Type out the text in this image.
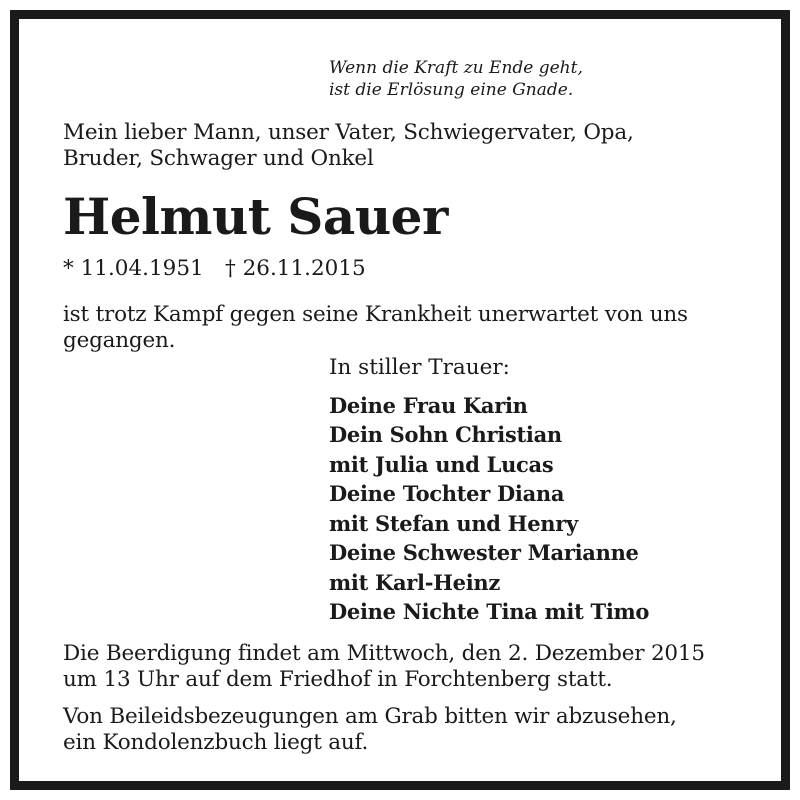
Wenn die Kraft zu Ende geht,
ist die Erlösung eine Gnade.
Mein lieber Mann, unser Vater, Schwiegervater, Opa,
Bruder, Schwager und Onkel
Helmut Sauer
* 11.04.1951 † 26.11.2015
ist trotz Kampf gegen seine Krankheit unerwartet von uns
gegangen.
In stiller Trauer:
Deine Frau Karin
Dein Sohn Christian
mit Julia und Lucas
Deine Tochter Diana
mit Stefan und Henry
Deine Schwester Marianne
mit Karl-Heinz
Deine Nichte Tina mit Timo
Die Beerdigung findet am Mittwoch, den 2. Dezember 2015
um 13 Uhr auf dem Friedhof in Forchtenberg statt.
Von Beileidsbezeugungen am Grab bitten wir abzusehen,
ein Kondolenzbuch liegt auf.
